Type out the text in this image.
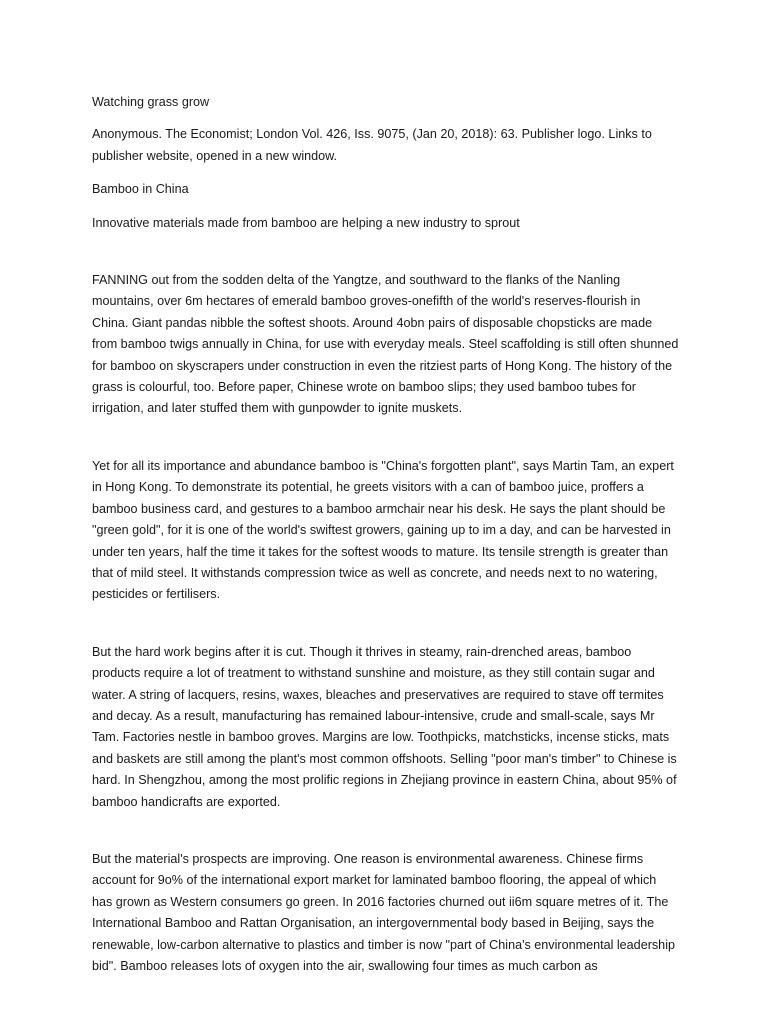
Watching grass grow

Anonymous. The Economist; London Vol. 426, Iss. 9075, (Jan 20, 2018): 63. Publisher logo. Links to publisher website, opened in a new window.

Bamboo in China

Innovative materials made from bamboo are helping a new industry to sprout

FANNING out from the sodden delta of the Yangtze, and southward to the flanks of the Nanling mountains, over 6m hectares of emerald bamboo groves-onefifth of the world's reserves-flourish in China. Giant pandas nibble the softest shoots. Around 4obn pairs of disposable chopsticks are made from bamboo twigs annually in China, for use with everyday meals. Steel scaffolding is still often shunned for bamboo on skyscrapers under construction in even the ritziest parts of Hong Kong. The history of the grass is colourful, too. Before paper, Chinese wrote on bamboo slips; they used bamboo tubes for irrigation, and later stuffed them with gunpowder to ignite muskets.

Yet for all its importance and abundance bamboo is "China's forgotten plant", says Martin Tam, an expert in Hong Kong. To demonstrate its potential, he greets visitors with a can of bamboo juice, proffers a bamboo business card, and gestures to a bamboo armchair near his desk. He says the plant should be "green gold", for it is one of the world's swiftest growers, gaining up to im a day, and can be harvested in under ten years, half the time it takes for the softest woods to mature. Its tensile strength is greater than that of mild steel. It withstands compression twice as well as concrete, and needs next to no watering, pesticides or fertilisers.

But the hard work begins after it is cut. Though it thrives in steamy, rain-drenched areas, bamboo products require a lot of treatment to withstand sunshine and moisture, as they still contain sugar and water. A string of lacquers, resins, waxes, bleaches and preservatives are required to stave off termites and decay. As a result, manufacturing has remained labour-intensive, crude and small-scale, says Mr Tam. Factories nestle in bamboo groves. Margins are low. Toothpicks, matchsticks, incense sticks, mats and baskets are still among the plant's most common offshoots. Selling "poor man's timber" to Chinese is hard. In Shengzhou, among the most prolific regions in Zhejiang province in eastern China, about 95% of bamboo handicrafts are exported.

But the material's prospects are improving. One reason is environmental awareness. Chinese firms account for 9o% of the international export market for laminated bamboo flooring, the appeal of which has grown as Western consumers go green. In 2016 factories churned out ii6m square metres of it. The International Bamboo and Rattan Organisation, an intergovernmental body based in Beijing, says the renewable, low-carbon alternative to plastics and timber is now "part of China's environmental leadership bid". Bamboo releases lots of oxygen into the air, swallowing four times as much carbon as
